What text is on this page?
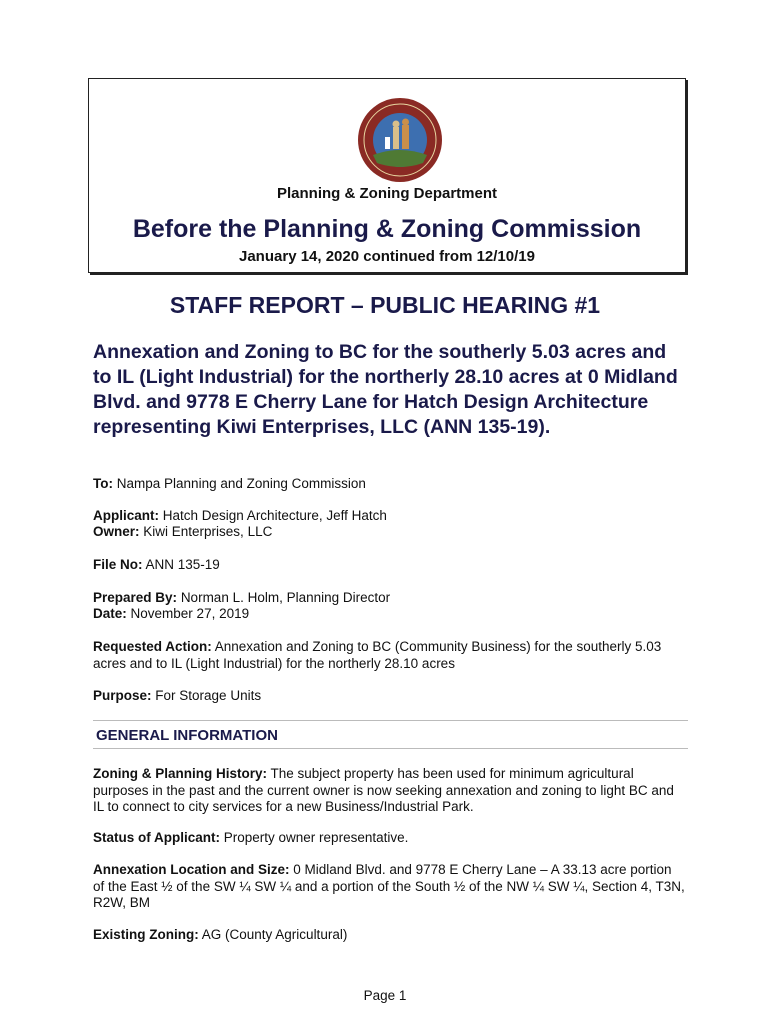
Planning & Zoning Department
Before the Planning & Zoning Commission
January 14, 2020 continued from 12/10/19
STAFF REPORT – PUBLIC HEARING #1
Annexation and Zoning to BC for the southerly 5.03 acres and to IL (Light Industrial) for the northerly 28.10 acres at 0 Midland Blvd. and 9778 E Cherry Lane for Hatch Design Architecture representing Kiwi Enterprises, LLC (ANN 135-19).
To: Nampa Planning and Zoning Commission
Applicant: Hatch Design Architecture, Jeff Hatch
Owner: Kiwi Enterprises, LLC
File No: ANN 135-19
Prepared By: Norman L. Holm, Planning Director
Date: November 27, 2019
Requested Action: Annexation and Zoning to BC (Community Business) for the southerly 5.03 acres and to IL (Light Industrial) for the northerly 28.10 acres
Purpose: For Storage Units
GENERAL INFORMATION
Zoning & Planning History: The subject property has been used for minimum agricultural purposes in the past and the current owner is now seeking annexation and zoning to light BC and IL to connect to city services for a new Business/Industrial Park.
Status of Applicant: Property owner representative.
Annexation Location and Size: 0 Midland Blvd. and 9778 E Cherry Lane – A 33.13 acre portion of the East ½ of the SW ¼ SW ¼ and a portion of the South ½ of the NW ¼ SW ¼, Section 4, T3N, R2W, BM
Existing Zoning: AG (County Agricultural)
Page 1
